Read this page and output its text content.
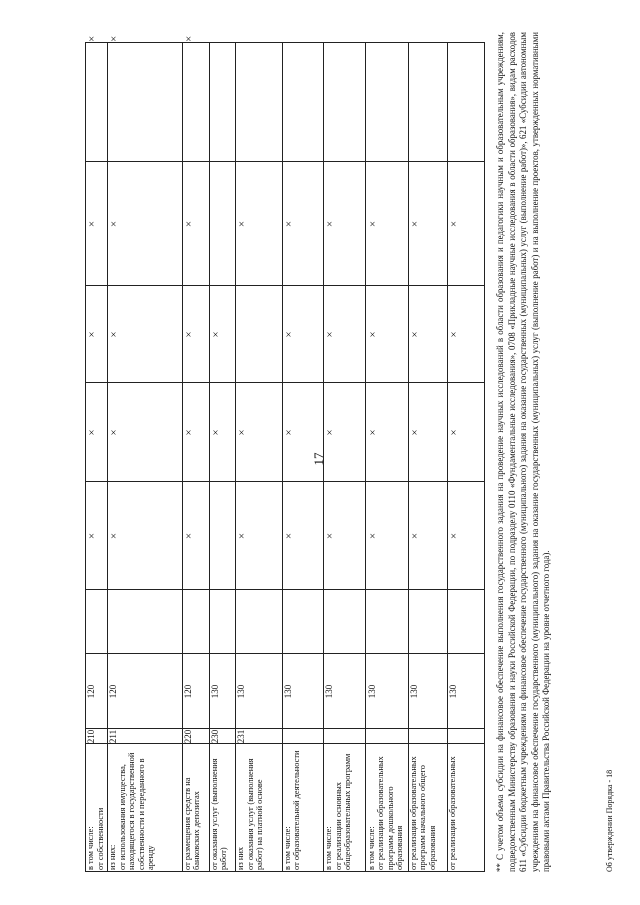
17
в том числе:
от собственности
210
120
×
×
×
×
×
из них:
от использования имущества, находящегося в государственной собственности и переданного в аренду
211
120
×
×
×
×
×
от размещения средств на банковских депозитах
220
120
×
×
×
×
×
от оказания услуг (выполнения работ)
230
130
×
×
из них
от оказания услуг (выполнения работ) на платной основе
231
130
×
×
×
в том числе:
от образовательной деятельности
130
×
×
×
×
в том числе:
от реализации основных общеобразовательных программ
130
×
×
×
×
в том числе:
от реализации образовательных программ дошкольного образования
130
×
×
×
×
от реализации образовательных программ начального общего образования
130
×
×
×
×
от реализации образовательных
130
×
×
×
×	** С учетом объема субсидии на финансовое обеспечение выполнения государственного задания на проведение научных исследований в области образования и педагогики научным и образовательным учреждениям, подведомственным Министерству образования и науки Российской Федерации, по подразделу 0110 «Фундаментальные исследования», 0708 «Прикладные научные исследования в области образования», видам расходов 611 «Субсидии бюджетным учреждениям на финансовое обеспечение государственного (муниципального) задания на оказание государственных (муниципальных) услуг (выполнение работ)», 621 «Субсидии автономным учреждениям на финансовое обеспечение государственного (муниципального) задания на оказание государственных (муниципальных) услуг (выполнение работ) и на выполнение проектов, утвержденных нормативными правовыми актами Правительства Российской Федерации на уровне отчетного года).	Об утверждении Порядка - 18
